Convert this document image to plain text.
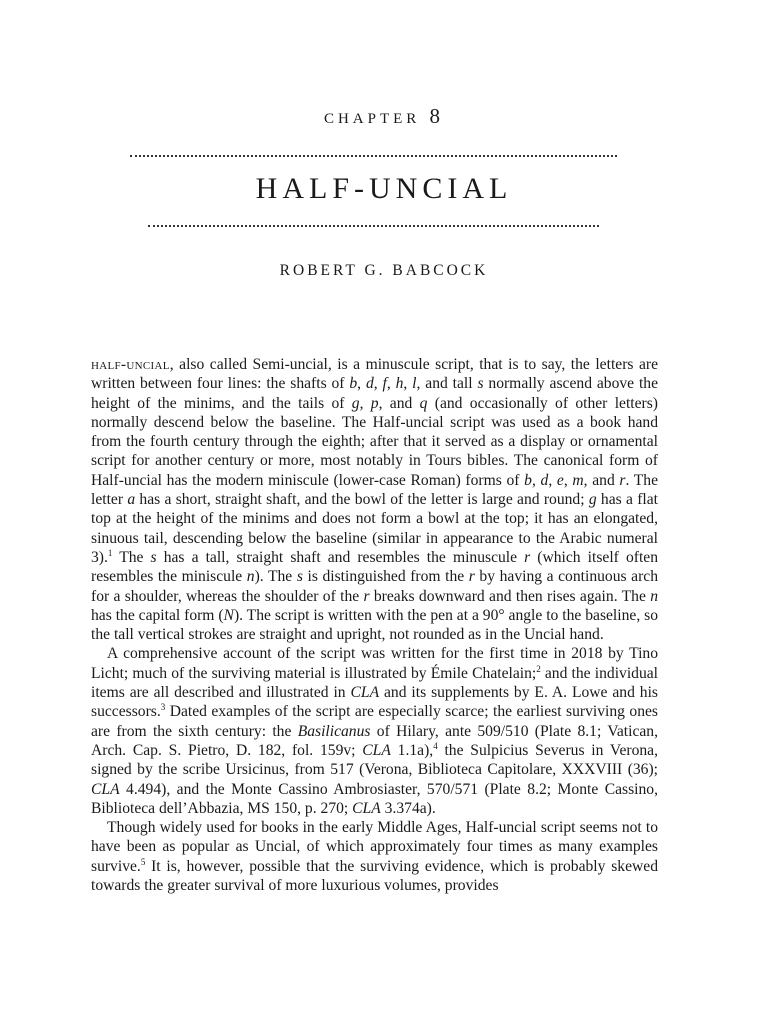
chapter 8
HALF-UNCIAL
ROBERT G. BABCOCK

half-uncial, also called Semi-uncial, is a minuscule script, that is to say, the letters are written between four lines: the shafts of b, d, f, h, l, and tall s normally ascend above the height of the minims, and the tails of g, p, and q (and occasionally of other letters) normally descend below the baseline. The Half-uncial script was used as a book hand from the fourth century through the eighth; after that it served as a display or ornamental script for another century or more, most notably in Tours bibles. The canonical form of Half-uncial has the modern miniscule (lower-case Roman) forms of b, d, e, m, and r. The letter a has a short, straight shaft, and the bowl of the letter is large and round; g has a flat top at the height of the minims and does not form a bowl at the top; it has an elongated, sinuous tail, descending below the baseline (similar in appearance to the Arabic numeral 3).$^1$ The s has a tall, straight shaft and resembles the minuscule r (which itself often resembles the miniscule n). The s is distinguished from the r by having a continuous arch for a shoulder, whereas the shoulder of the r breaks downward and then rises again. The n has the capital form (N). The script is written with the pen at a 90° angle to the baseline, so the tall vertical strokes are straight and upright, not rounded as in the Uncial hand.

A comprehensive account of the script was written for the first time in 2018 by Tino Licht; much of the surviving material is illustrated by Émile Chatelain;$^2$ and the individual items are all described and illustrated in CLA and its supplements by E. A. Lowe and his successors.$^3$ Dated examples of the script are especially scarce; the earliest surviving ones are from the sixth century: the Basilicanus of Hilary, ante 509/510 (Plate 8.1; Vatican, Arch. Cap. S. Pietro, D. 182, fol. 159v; CLA 1.1a),$^4$ the Sulpicius Severus in Verona, signed by the scribe Ursicinus, from 517 (Verona, Biblioteca Capitolare, XXXVIII (36); CLA 4.494), and the Monte Cassino Ambrosiaster, 570/571 (Plate 8.2; Monte Cassino, Biblioteca dell’Abbazia, MS 150, p. 270; CLA 3.374a).

Though widely used for books in the early Middle Ages, Half-uncial script seems not to have been as popular as Uncial, of which approximately four times as many examples survive.$^5$ It is, however, possible that the surviving evidence, which is probably skewed towards the greater survival of more luxurious volumes, provides
